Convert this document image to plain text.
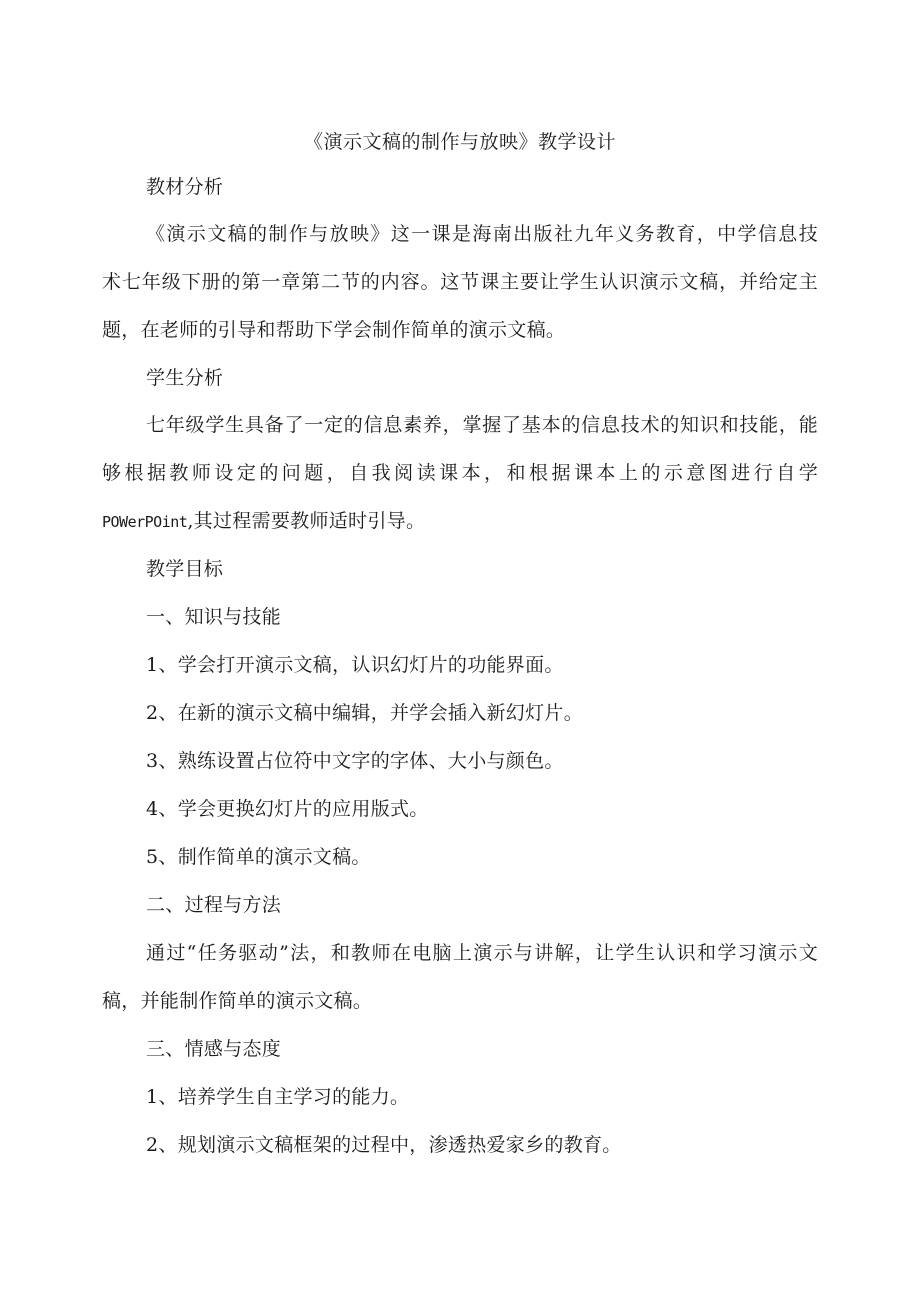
《演示文稿的制作与放映》教学设计
教材分析
《演示文稿的制作与放映》这一课是海南出版社九年义务教育，中学信息技
术七年级下册的第一章第二节的内容。这节课主要让学生认识演示文稿，并给定主
题，在老师的引导和帮助下学会制作简单的演示文稿。
学生分析
七年级学生具备了一定的信息素养，掌握了基本的信息技术的知识和技能，能
够根据教师设定的问题，自我阅读课本，和根据课本上的示意图进行自学
POWerPOint,其过程需要教师适时引导。
教学目标
一、知识与技能
1、学会打开演示文稿，认识幻灯片的功能界面。
2、在新的演示文稿中编辑，并学会插入新幻灯片。
3、熟练设置占位符中文字的字体、大小与颜色。
4、学会更换幻灯片的应用版式。
5、制作简单的演示文稿。
二、过程与方法
通过“任务驱动”法，和教师在电脑上演示与讲解，让学生认识和学习演示文
稿，并能制作简单的演示文稿。
三、情感与态度
1、培养学生自主学习的能力。
2、规划演示文稿框架的过程中，渗透热爱家乡的教育。
